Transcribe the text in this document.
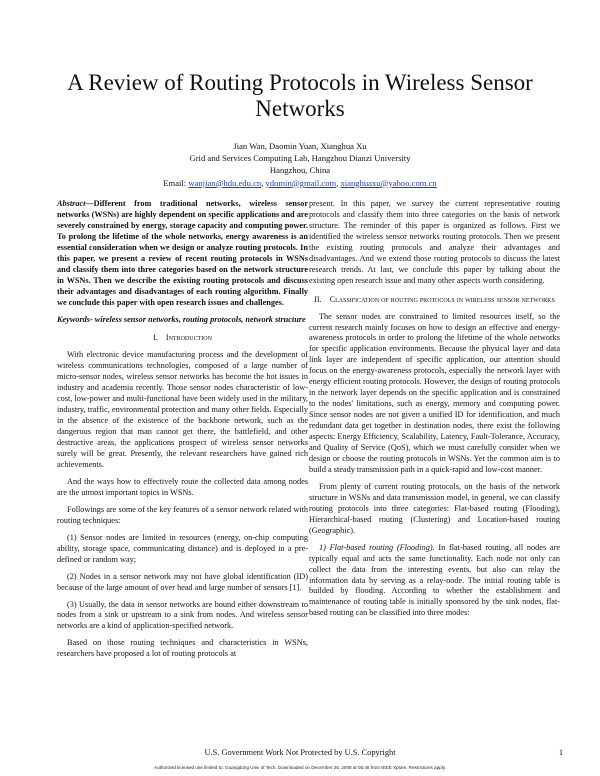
A Review of Routing Protocols in Wireless Sensor Networks
Jian Wan, Daomin Yuan, Xianghua Xu
Grid and Services Computing Lab, Hangzhou Dianzi University
Hangzhou, China
Email: wanjian@hdu.edu.cn, ydomin@gmail.com, xianghuaxu@yahoo.com.cn

Abstract—Different from traditional networks, wireless sensor networks (WSNs) are highly dependent on specific applications and are severely constrained by energy, storage capacity and computing power. To prolong the lifetime of the whole networks, energy awareness is an essential consideration when we design or analyze routing protocols. In this paper, we present a review of recent routing protocols in WSNs and classify them into three categories based on the network structure in WSNs. Then we describe the existing routing protocols and discuss their advantages and disadvantages of each routing algorithm. Finally we conclude this paper with open research issues and challenges.

Keywords- wireless sensor networks, routing protocols, network structure

I. Introduction

With electronic device manufacturing process and the development of wireless communications technologies, composed of a large number of micro-sensor nodes, wireless sensor networks has become the hot issues in industry and academia recently. Those sensor nodes characteristic of low-cost, low-power and multi-functional have been widely used in the military, industry, traffic, environmental protection and many other fields. Especially in the absence of the existence of the backbone network, such as the dangerous region that man cannot get there, the battlefield, and other destructive areas, the applications prospect of wireless sensor networks surely will be great. Presently, the relevant researchers have gained rich achievements.

And the ways how to effectively route the collected data among nodes are the utmost important topics in WSNs.

Followings are some of the key features of a sensor network related with routing techniques:

(1) Sensor nodes are limited in resources (energy, on-chip computing ability, storage space, communicating distance) and is deployed in a pre-defined or random way;

(2) Nodes in a sensor network may not have global identification (ID) because of the large amount of over head and large number of sensors [1].

(3) Usually, the data in sensor networks are bound either downstream to nodes from a sink or upstream to a sink from nodes. And wireless sensor networks are a kind of application-specified network.

Based on those routing techniques and characteristics in WSNs, researchers have proposed a lot of routing protocols at

present. In this paper, we survey the current representative routing protocols and classify them into three categories on the basis of network structure. The reminder of this paper is organized as follows. First we identified the wireless sensor networks routing protocols. Then we present the existing routing protocols and analyze their advantages and disadvantages. And we extend those routing protocols to discuss the latest research trends. At last, we conclude this paper by talking about the existing open research issue and many other aspects worth considering.

II. Classification of routing protocols in wireless sensor networks

The sensor nodes are constrained to limited resources itself, so the current research mainly focuses on how to design an effective and energy-awareness protocols in order to prolong the lifetime of the whole networks for specific application environments. Because the physical layer and data link layer are independent of specific application, our attention should focus on the energy-awareness protocols, especially the network layer with energy efficient routing protocols. However, the design of routing protocols in the network layer depends on the specific application and is constrained to the nodes' limitations, such as energy, memory and computing power. Since sensor nodes are not given a unified ID for identification, and much redundant data get together in destination nodes, there exist the following aspects: Energy Efficiency, Scalability, Latency, Fault-Tolerance, Accuracy, and Quality of Service (QoS), which we must carefully consider when we design or choose the routing protocols in WSNs. Yet the common aim is to build a steady transmission path in a quick-rapid and low-cost manner.

From plenty of current routing protocols, on the basis of the network structure in WSNs and data transmission model, in general, we can classify routing protocols into three categories: Flat-based routing (Flooding), Hierarchical-based routing (Clustering) and Location-based routing (Geographic).

1) Flat-based routing (Flooding). In flat-based routing, all nodes are typically equal and acts the same functionality. Each node not only can collect the data from the interesting events, but also can relay the information data by serving as a relay-node. The initial routing table is builded by flooding. According to whether the establishment and maintenance of routing table is initially sponsored by the sink nodes, flat-based routing can be classified into three modes:

U.S. Government Work Not Protected by U.S. Copyright	1
Authorized licensed use limited to: Guangdong Univ of Tech. Downloaded on December 25, 2008 at 05:45 from IEEE Xplore. Restrictions apply.
